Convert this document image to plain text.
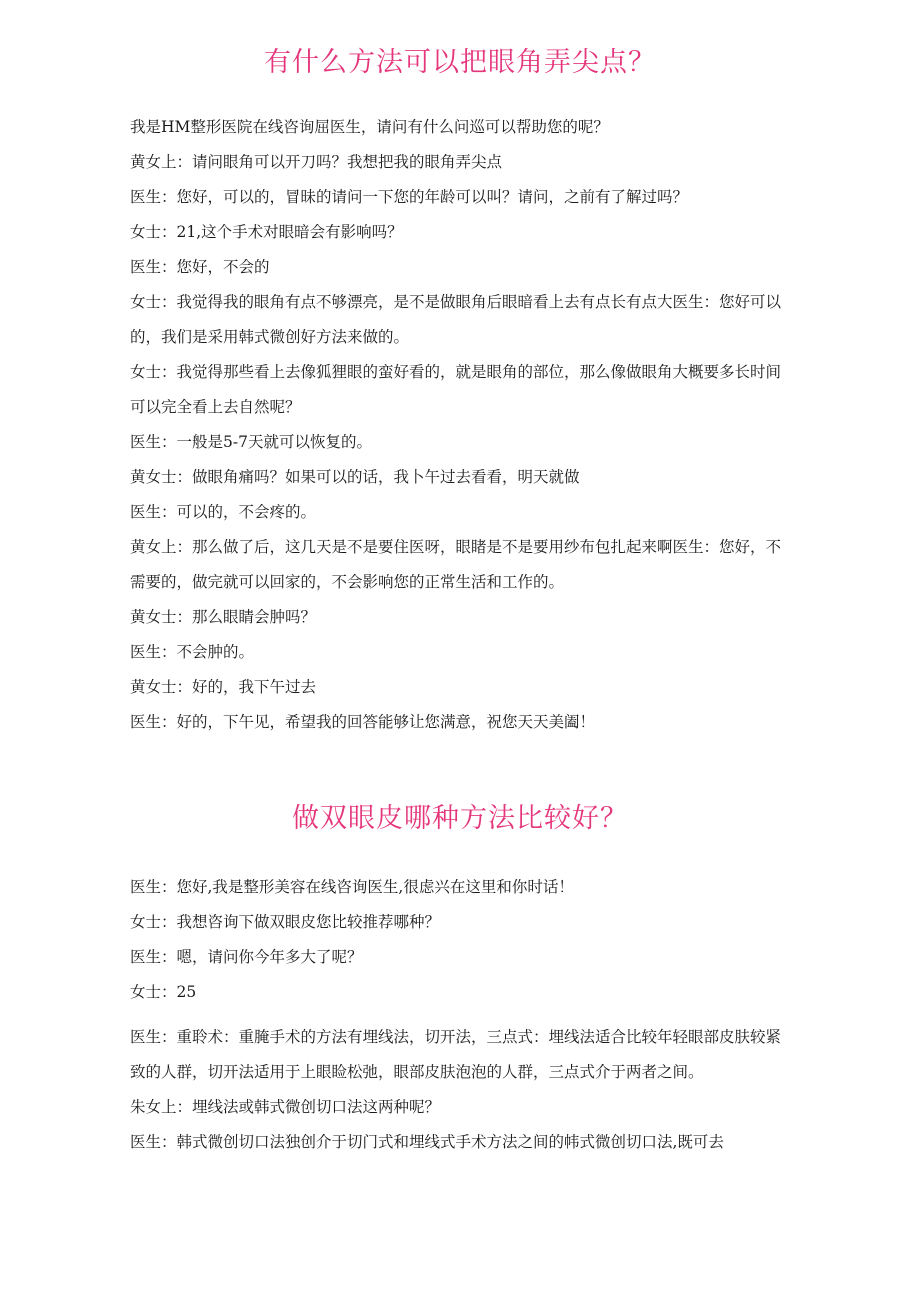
有什么方法可以把眼角弄尖点？

我是HM整形医院在线咨询屈医生，请问有什么问巡可以帮助您的呢？

黄女上：请问眼角可以开刀吗？我想把我的眼角弄尖点

医生：您好，可以的，冒昧的请问一下您的年龄可以叫？请问，之前有了解过吗？

女士：21,这个手术对眼暗会有影响吗？

医生：您好，不会的

女士：我觉得我的眼角有点不够漂亮，是不是做眼角后眼暗看上去有点长有点大医生：您好可以的，我们是采用韩式微创好方法来做的。

女士：我觉得那些看上去像狐狸眼的蛮好看的，就是眼角的部位，那么像做眼角大概要多长时间可以完全看上去自然呢？

医生：一般是5-7天就可以恢复的。

黄女士：做眼角痛吗？如果可以的话，我卜午过去看看，明天就做

医生：可以的，不会疼的。

黄女上：那么做了后，这几天是不是要住医呀，眼睹是不是要用纱布包扎起来啊医生：您好，不需要的，做完就可以回家的，不会影响您的正常生活和工作的。

黄女士：那么眼睛会肿吗？

医生：不会肿的。

黄女士：好的，我下午过去

医生：好的，下午见，希望我的回答能够让您满意，祝您天天美阖！

做双眼皮哪种方法比较好？

医生：您好,我是整形美容在线咨询医生,很虑兴在这里和你时话！

女士：我想咨询下做双眼皮您比较推荐哪种？

医生：嗯，请问你今年多大了呢？

女士：25

医生：重聆术：重腌手术的方法有埋线法，切开法，三点式：埋线法适合比较年轻眼部皮肤较紧致的人群，切开法适用于上眼睑松弛，眼部皮肤泡泡的人群，三点式介于两者之间。

朱女上：埋线法或韩式微创切口法这两种呢？

医生：韩式微创切口法独创介于切门式和埋线式手术方法之间的帏式微创切口法,既可去
